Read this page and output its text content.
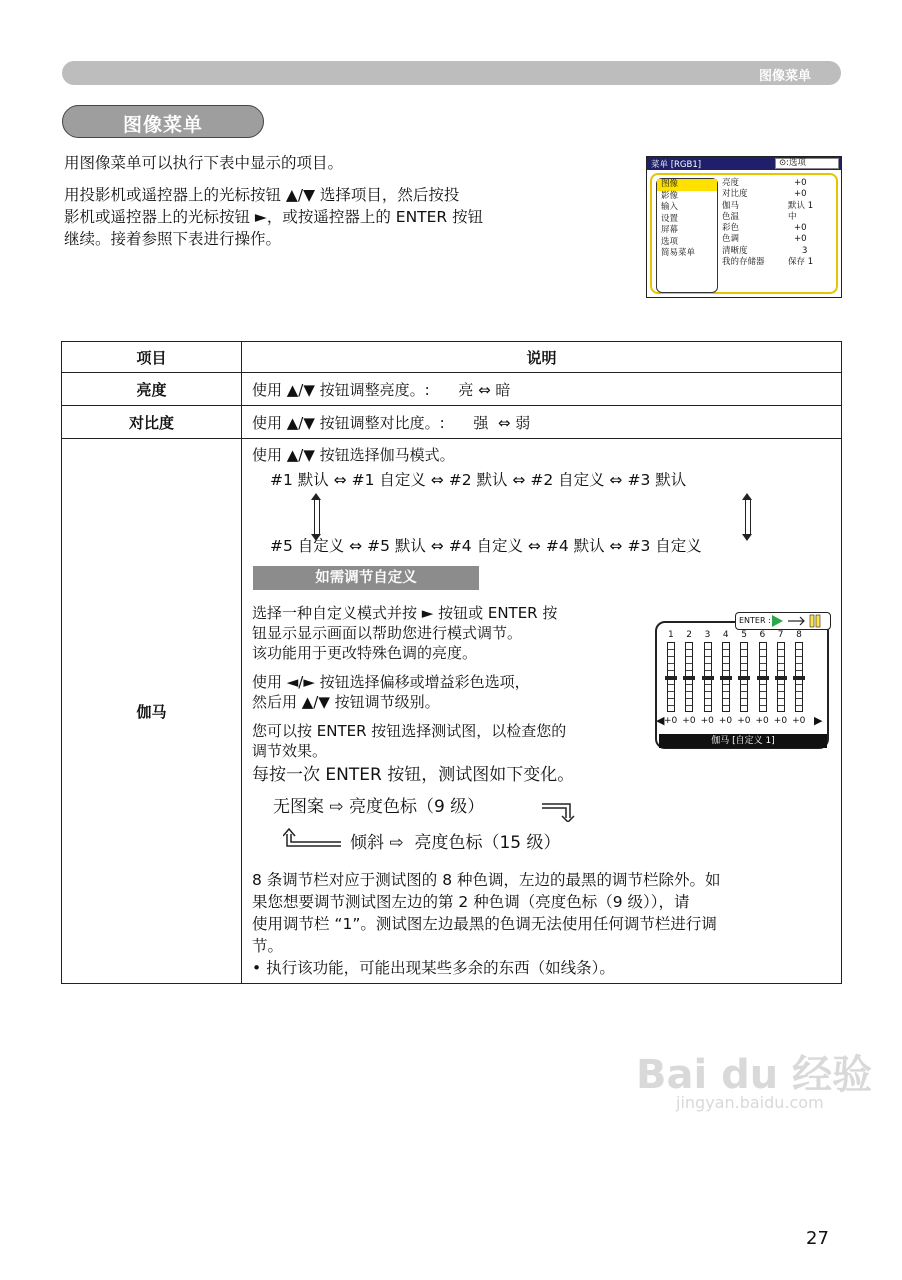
图像菜单
图像菜单
用图像菜单可以执行下表中显示的项目。
用投影机或遥控器上的光标按钮 ▲/▼ 选择项目，然后按投
影机或遥控器上的光标按钮 ►，或按遥控器上的 ENTER 按钮
继续。接着参照下表进行操作。
菜单 [RGB1]	⊙:选项
图像
影像
输入
设置
屏幕
选项
简易菜单
亮度	+0
对比度	+0
伽马	默认 1
色温	中
彩色	+0
色调	+0
清晰度	3
我的存储器	保存 1
项目	说明
亮度	使用 ▲/▼ 按钮调整亮度。:      亮 ⇔ 暗
对比度	使用 ▲/▼ 按钮调整对比度。:      强  ⇔ 弱
伽马	
使用 ▲/▼ 按钮选择伽马模式。
#1 默认 ⇔ #1 自定义 ⇔ #2 默认 ⇔ #2 自定义 ⇔ #3 默认
#5 自定义 ⇔ #5 默认 ⇔ #4 自定义 ⇔ #4 默认 ⇔ #3 自定义
如需调节自定义
选择一种自定义模式并按 ► 按钮或 ENTER 按
钮显示显示画面以帮助您进行模式调节。
该功能用于更改特殊色调的亮度。
使用 ◄/► 按钮选择偏移或增益彩色选项，
然后用 ▲/▼ 按钮调节级别。
您可以按 ENTER 按钮选择测试图，以检查您的
调节效果。
每按一次 ENTER 按钮，测试图如下变化。
无图案 ⇨ 亮度色标（9 级）
倾斜 ⇨  亮度色标（15 级）
8 条调节栏对应于测试图的 8 种色调，左边的最黑的调节栏除外。如
果您想要调节测试图左边的第 2 种色调（亮度色标（9 级）），请
使用调节栏 “1”。测试图左边最黑的色调无法使用任何调节栏进行调
节。
• 执行该功能，可能出现某些多余的东西（如线条）。
ENTER :
1
+0
2
+0
3
+0
4
+0
5
+0
6
+0
7
+0
8
+0
◀	▶
伽马 [自定义 1]
Bai du 经验
jingyan.baidu.com
27
